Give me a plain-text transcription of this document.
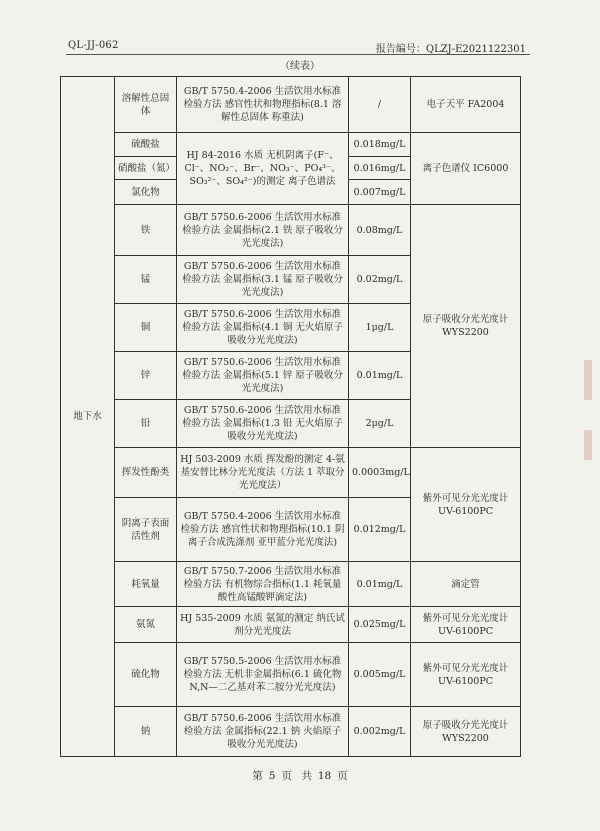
QL-JJ-062	报告编号：QLZJ-E2021122301
（续表）
地下水	溶解性总固体	GB/T 5750.4-2006 生活饮用水标准检验方法 感官性状和物理指标(8.1 溶解性总固体 称重法)	/	电子天平 FA2004
	硫酸盐	HJ 84-2016 水质 无机阴离子(F⁻、Cl⁻、NO₂⁻、Br⁻、NO₃⁻、PO₄³⁻、SO₃²⁻、SO₄²⁻)的测定 离子色谱法	0.018mg/L	离子色谱仪 IC6000
	硝酸盐（氮）		0.016mg/L	
	氯化物		0.007mg/L	
	铁	GB/T 5750.6-2006 生活饮用水标准检验方法 金属指标(2.1 铁 原子吸收分光光度法)	0.08mg/L	原子吸收分光光度计 WYS2200
	锰	GB/T 5750.6-2006 生活饮用水标准检验方法 金属指标(3.1 锰 原子吸收分光光度法)	0.02mg/L	
	铜	GB/T 5750.6-2006 生活饮用水标准检验方法 金属指标(4.1 铜 无火焰原子吸收分光光度法)	1μg/L	
	锌	GB/T 5750.6-2006 生活饮用水标准检验方法 金属指标(5.1 锌 原子吸收分光光度法)	0.01mg/L	
	铅	GB/T 5750.6-2006 生活饮用水标准检验方法 金属指标(1.3 铅 无火焰原子吸收分光光度法)	2μg/L	
	挥发性酚类	HJ 503-2009 水质 挥发酚的测定 4-氨基安替比林分光光度法（方法 1 萃取分光光度法）	0.0003mg/L	紫外可见分光光度计 UV-6100PC
	阴离子表面活性剂	GB/T 5750.4-2006 生活饮用水标准检验方法 感官性状和物理指标(10.1 阴离子合成洗涤剂 亚甲蓝分光光度法)	0.012mg/L	
	耗氧量	GB/T 5750.7-2006 生活饮用水标准检验方法 有机物综合指标(1.1 耗氧量 酸性高锰酸钾滴定法)	0.01mg/L	滴定管
	氨氮	HJ 535-2009 水质 氨氮的测定 纳氏试剂分光光度法	0.025mg/L	紫外可见分光光度计 UV-6100PC
	硫化物	GB/T 5750.5-2006 生活饮用水标准检验方法 无机非金属指标(6.1 硫化物 N,N—二乙基对苯二胺分光光度法)	0.005mg/L	紫外可见分光光度计 UV-6100PC
	钠	GB/T 5750.6-2006 生活饮用水标准检验方法 金属指标(22.1 钠 火焰原子吸收分光光度法)	0.002mg/L	原子吸收分光光度计 WYS2200
第 5 页 共 18 页
